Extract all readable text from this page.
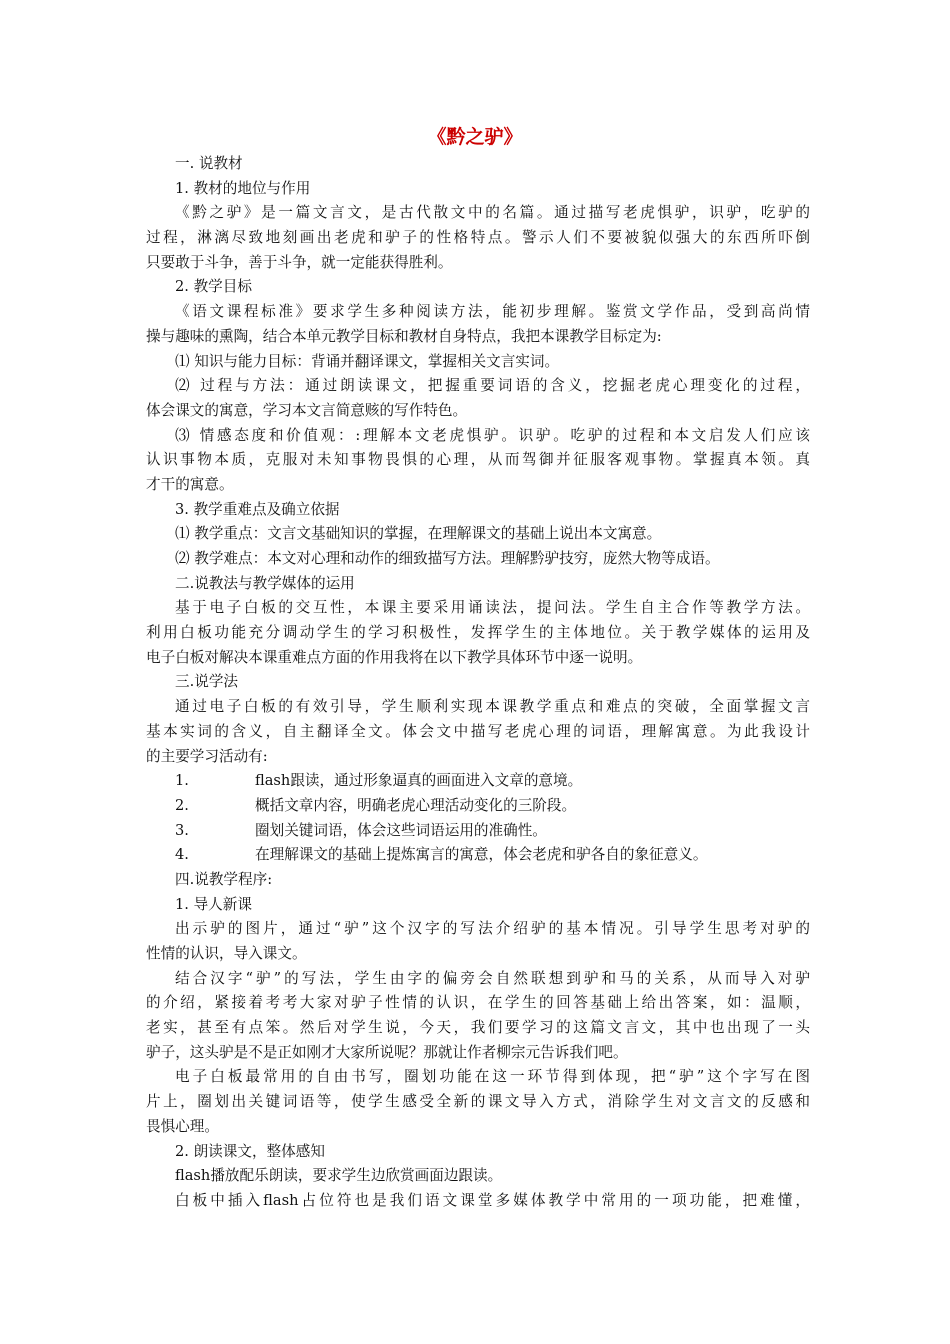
《黔之驴》
一. 说教材
1. 教材的地位与作用
《黔之驴》是一篇文言文，是古代散文中的名篇。通过描写老虎惧驴，识驴，吃驴的
过程，淋漓尽致地刻画出老虎和驴子的性格特点。警示人们不要被貌似强大的东西所吓倒
只要敢于斗争，善于斗争，就一定能获得胜利。
2. 教学目标
《语文课程标准》要求学生多种阅读方法，能初步理解。鉴赏文学作品，受到高尚情
操与趣味的熏陶，结合本单元教学目标和教材自身特点，我把本课教学目标定为:
⑴ 知识与能力目标：背诵并翻译课文，掌握相关文言实词。
⑵ 过程与方法：通过朗读课文，把握重要词语的含义，挖掘老虎心理变化的过程，
体会课文的寓意，学习本文言简意赅的写作特色。
⑶ 情感态度和价值观：:理解本文老虎惧驴。识驴。吃驴的过程和本文启发人们应该
认识事物本质，克服对未知事物畏惧的心理，从而驾御并征服客观事物。掌握真本领。真
才干的寓意。
3. 教学重难点及确立依据
⑴ 教学重点：文言文基础知识的掌握，在理解课文的基础上说出本文寓意。
⑵ 教学难点：本文对心理和动作的细致描写方法。理解黔驴技穷，庞然大物等成语。
二.说教法与教学媒体的运用
基于电子白板的交互性，本课主要采用诵读法，提问法。学生自主合作等教学方法。
利用白板功能充分调动学生的学习积极性，发挥学生的主体地位。关于教学媒体的运用及
电子白板对解决本课重难点方面的作用我将在以下教学具体环节中逐一说明。
三.说学法
通过电子白板的有效引导，学生顺利实现本课教学重点和难点的突破，全面掌握文言
基本实词的含义，自主翻译全文。体会文中描写老虎心理的词语，理解寓意。为此我设计
的主要学习活动有:
1.	flash跟读，通过形象逼真的画面进入文章的意境。
2.	概括文章内容，明确老虎心理活动变化的三阶段。
3.	圈划关键词语，体会这些词语运用的准确性。
4.	在理解课文的基础上提炼寓言的寓意，体会老虎和驴各自的象征意义。
四.说教学程序:
1. 导人新课
出示驴的图片，通过“驴”这个汉字的写法介绍驴的基本情况。引导学生思考对驴的
性情的认识，导入课文。
结合汉字“驴”的写法，学生由字的偏旁会自然联想到驴和马的关系，从而导入对驴
的介绍，紧接着考考大家对驴子性情的认识，在学生的回答基础上给出答案，如：温顺，
老实，甚至有点笨。然后对学生说，今天，我们要学习的这篇文言文，其中也出现了一头
驴子，这头驴是不是正如刚才大家所说呢？那就让作者柳宗元告诉我们吧。
电子白板最常用的自由书写，圈划功能在这一环节得到体现，把“驴”这个字写在图
片上，圈划出关键词语等，使学生感受全新的课文导入方式，消除学生对文言文的反感和
畏惧心理。
2. 朗读课文，整体感知
flash播放配乐朗读，要求学生边欣赏画面边跟读。
白板中插入flash占位符也是我们语文课堂多媒体教学中常用的一项功能，把难懂，
